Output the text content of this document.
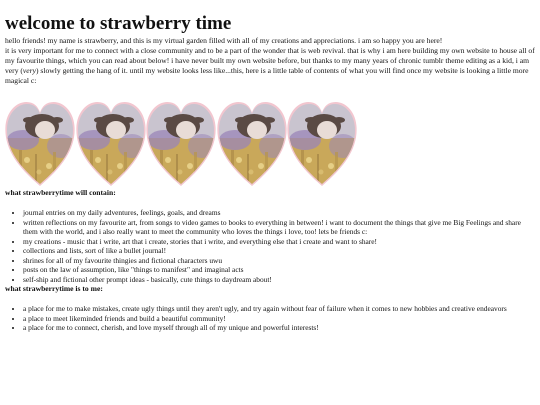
welcome to strawberry time

hello friends! my name is strawberry, and this is my virtual garden filled with all of my creations and appreciations. i am so happy you are here!

it is very important for me to connect with a close community and to be a part of the wonder that is web revival. that is why i am here building my own website to house all of my favourite things, which you can read about below! i have never built my own website before, but thanks to my many years of chronic tumblr theme editing as a kid, i am very (very) slowly getting the hang of it. until my website looks less like...this, here is a little table of contents of what you will find once my website is looking a little more magical c:

what strawberrytime will contain:
• journal entries on my daily adventures, feelings, goals, and dreams
• written reflections on my favourite art, from songs to video games to books to everything in between! i want to document the things that give me Big Feelings and share them with the world, and i also really want to meet the community who loves the things i love, too! lets be friends c:
• my creations - music that i write, art that i create, stories that i write, and everything else that i create and want to share!
• collections and lists, sort of like a bullet journal!
• shrines for all of my favourite thingies and fictional characters uwu
• posts on the law of assumption, like "things to manifest" and imaginal acts
• self-ship and fictional other prompt ideas - basically, cute things to daydream about!
what strawberrytime is to me:
• a place for me to make mistakes, create ugly things until they aren't ugly, and try again without fear of failure when it comes to new hobbies and creative endeavors
• a place to meet likeminded friends and build a beautiful community!
• a place for me to connect, cherish, and love myself through all of my unique and powerful interests!
